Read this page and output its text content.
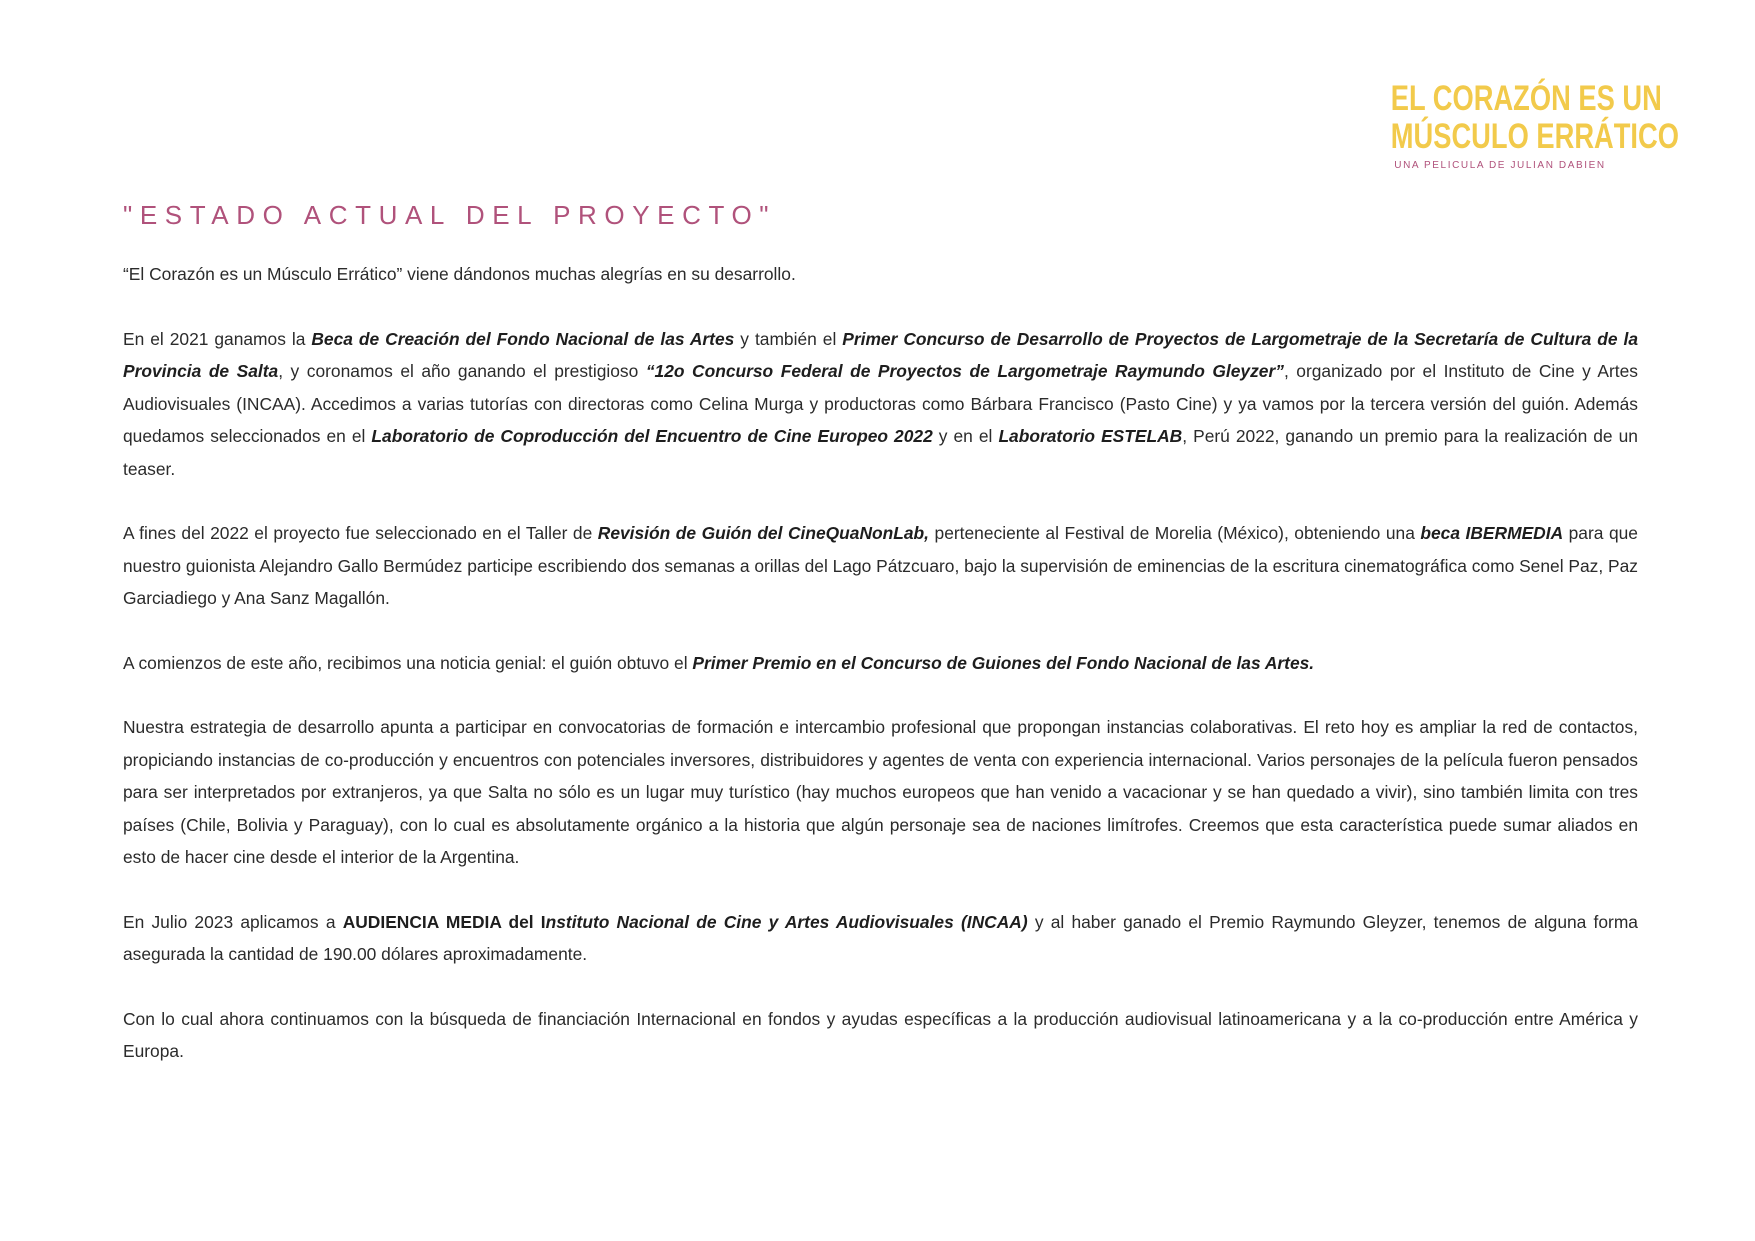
EL CORAZÓN ES UN
MÚSCULO ERRÁTICO
UNA PELICULA DE JULIAN DABIEN
"ESTADO ACTUAL DEL PROYECTO"

“El Corazón es un Músculo Errático” viene dándonos muchas alegrías en su desarrollo.

En el 2021 ganamos la Beca de Creación del Fondo Nacional de las Artes y también el Primer Concurso de Desarrollo de Proyectos de Largometraje de la Secretaría de Cultura de la Provincia de Salta, y coronamos el año ganando el prestigioso “12o Concurso Federal de Proyectos de Largometraje Raymundo Gleyzer”, organizado por el Instituto de Cine y Artes Audiovisuales (INCAA). Accedimos a varias tutorías con directoras como Celina Murga y productoras como Bárbara Francisco (Pasto Cine) y ya vamos por la tercera versión del guión. Además quedamos seleccionados en el Laboratorio de Coproducción del Encuentro de Cine Europeo 2022 y en el Laboratorio ESTELAB, Perú 2022, ganando un premio para la realización de un teaser.

A fines del 2022 el proyecto fue seleccionado en el Taller de Revisión de Guión del CineQuaNonLab, perteneciente al Festival de Morelia (México), obteniendo una beca IBERMEDIA para que nuestro guionista Alejandro Gallo Bermúdez participe escribiendo dos semanas a orillas del Lago Pátzcuaro, bajo la supervisión de eminencias de la escritura cinematográfica como Senel Paz, Paz Garciadiego y Ana Sanz Magallón.

A comienzos de este año, recibimos una noticia genial: el guión obtuvo el Primer Premio en el Concurso de Guiones del Fondo Nacional de las Artes.

Nuestra estrategia de desarrollo apunta a participar en convocatorias de formación e intercambio profesional que propongan instancias colaborativas. El reto hoy es ampliar la red de contactos, propiciando instancias de co-producción y encuentros con potenciales inversores, distribuidores y agentes de venta con experiencia internacional. Varios personajes de la película fueron pensados para ser interpretados por extranjeros, ya que Salta no sólo es un lugar muy turístico (hay muchos europeos que han venido a vacacionar y se han quedado a vivir), sino también limita con tres países (Chile, Bolivia y Paraguay), con lo cual es absolutamente orgánico a la historia que algún personaje sea de naciones limítrofes. Creemos que esta característica puede sumar aliados en esto de hacer cine desde el interior de la Argentina.

En Julio 2023 aplicamos a AUDIENCIA MEDIA del Instituto Nacional de Cine y Artes Audiovisuales (INCAA) y al haber ganado el Premio Raymundo Gleyzer, tenemos de alguna forma asegurada la cantidad de 190.00 dólares aproximadamente.

Con lo cual ahora continuamos con la búsqueda de financiación Internacional en fondos y ayudas específicas a la producción audiovisual latinoamericana y a la co-producción entre América y Europa.
